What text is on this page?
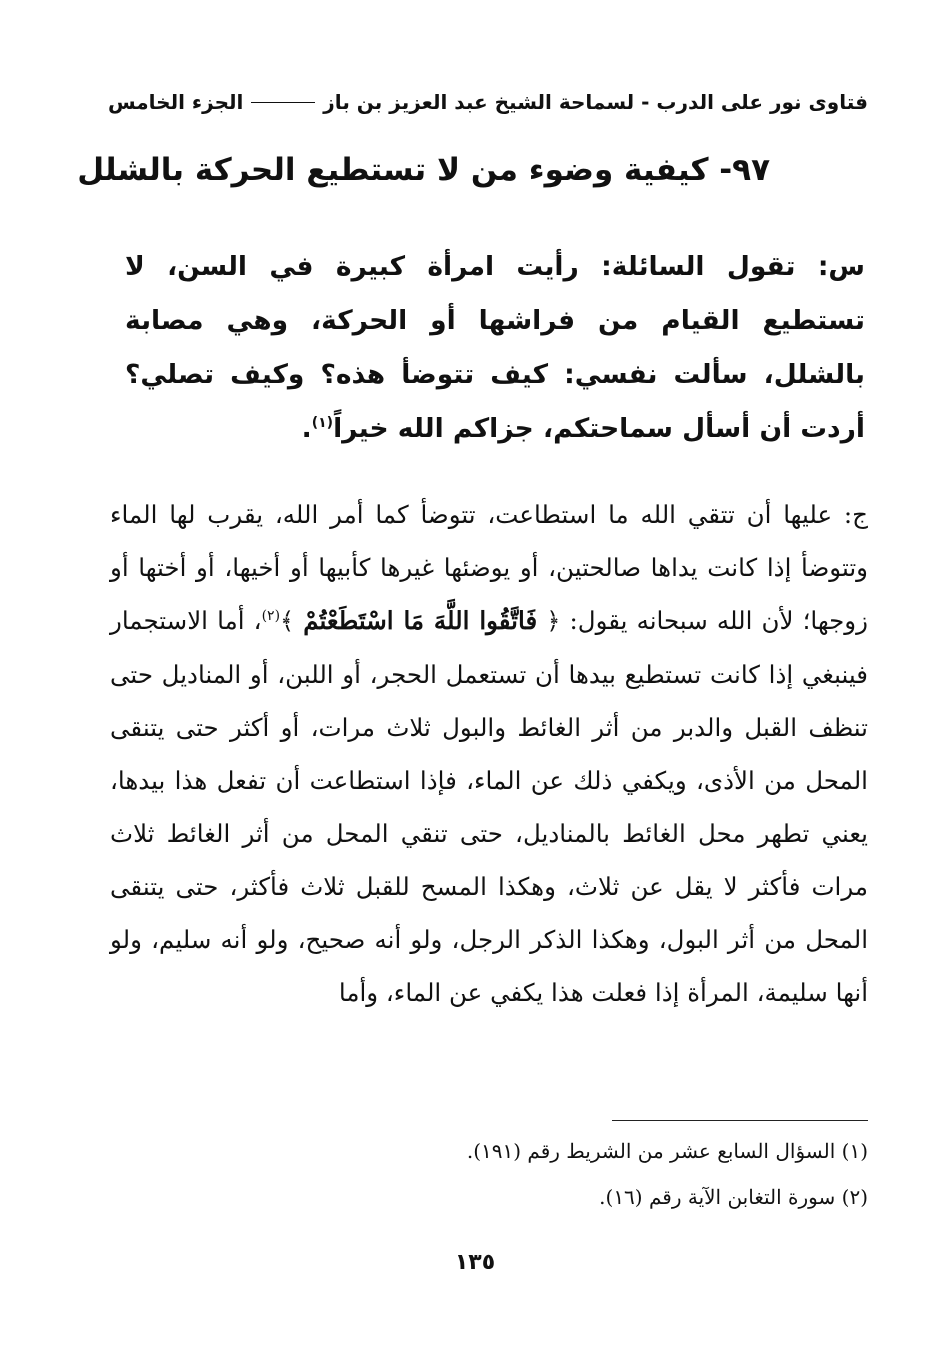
فتاوى نور على الدرب - لسماحة الشيخ عبد العزيز بن باز
الجزء الخامس
٩٧- كيفية وضوء من لا تستطيع الحركة بالشلل
س: تقول السائلة: رأيت امرأة كبيرة في السن، لا تستطيع القيام من فراشها أو الحركة، وهي مصابة بالشلل، سألت نفسي: كيف تتوضأ هذه؟ وكيف تصلي؟ أردت أن أسأل سماحتكم، جزاكم الله خيراً$^{(١)}$.
ج: عليها أن تتقي الله ما استطاعت، تتوضأ كما أمر الله، يقرب لها الماء وتتوضأ إذا كانت يداها صالحتين، أو يوضئها غيرها كأبيها أو أخيها، أو أختها أو زوجها؛ لأن الله سبحانه يقول: ﴿ فَاتَّقُوا اللَّهَ مَا اسْتَطَعْتُمْ ﴾$^{(٢)}$، أما الاستجمار فينبغي إذا كانت تستطيع بيدها أن تستعمل الحجر، أو اللبن، أو المناديل حتى تنظف القبل والدبر من أثر الغائط والبول ثلاث مرات، أو أكثر حتى يتنقى المحل من الأذى، ويكفي ذلك عن الماء، فإذا استطاعت أن تفعل هذا بيدها، يعني تطهر محل الغائط بالمناديل، حتى تنقي المحل من أثر الغائط ثلاث مرات فأكثر لا يقل عن ثلاث، وهكذا المسح للقبل ثلاث فأكثر، حتى يتنقى المحل من أثر البول، وهكذا الذكر الرجل، ولو أنه صحيح، ولو أنه سليم، ولو أنها سليمة، المرأة إذا فعلت هذا يكفي عن الماء، وأما
(١) السؤال السابع عشر من الشريط رقم (١٩١).
(٢) سورة التغابن الآية رقم (١٦).
١٣٥
